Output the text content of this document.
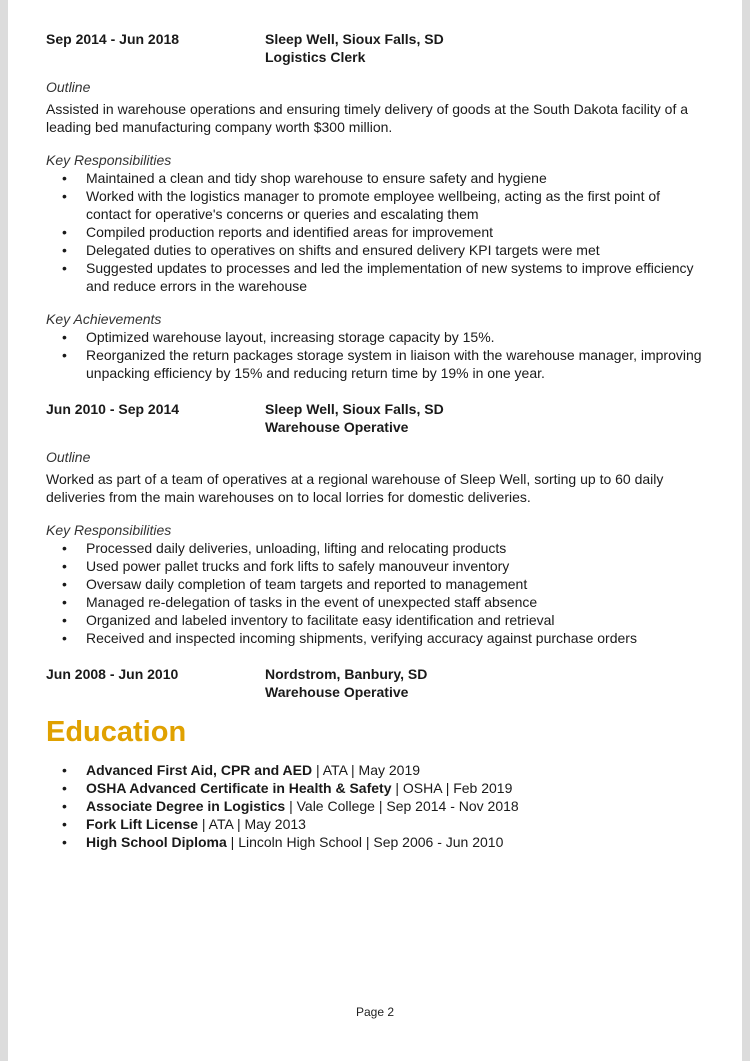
Sep 2014 - Jun 2018	Sleep Well, Sioux Falls, SD
Logistics Clerk
Outline

Assisted in warehouse operations and ensuring timely delivery of goods at the South Dakota facility of a leading bed manufacturing company worth $300 million.

Key Responsibilities
• Maintained a clean and tidy shop warehouse to ensure safety and hygiene
• Worked with the logistics manager to promote employee wellbeing, acting as the first point of contact for operative's concerns or queries and escalating them
• Compiled production reports and identified areas for improvement
• Delegated duties to operatives on shifts and ensured delivery KPI targets were met
• Suggested updates to processes and led the implementation of new systems to improve efficiency and reduce errors in the warehouse
Key Achievements
• Optimized warehouse layout, increasing storage capacity by 15%.
• Reorganized the return packages storage system in liaison with the warehouse manager, improving unpacking efficiency by 15% and reducing return time by 19% in one year.
Jun 2010 - Sep 2014	Sleep Well, Sioux Falls, SD
Warehouse Operative
Outline

Worked as part of a team of operatives at a regional warehouse of Sleep Well, sorting up to 60 daily deliveries from the main warehouses on to local lorries for domestic deliveries.

Key Responsibilities
• Processed daily deliveries, unloading, lifting and relocating products
• Used power pallet trucks and fork lifts to safely manouveur inventory
• Oversaw daily completion of team targets and reported to management
• Managed re-delegation of tasks in the event of unexpected staff absence
• Organized and labeled inventory to facilitate easy identification and retrieval
• Received and inspected incoming shipments, verifying accuracy against purchase orders
Jun 2008 - Jun 2010	Nordstrom, Banbury, SD
Warehouse Operative
Education
• Advanced First Aid, CPR and AED | ATA | May 2019
• OSHA Advanced Certificate in Health & Safety | OSHA | Feb 2019
• Associate Degree in Logistics | Vale College | Sep 2014 - Nov 2018
• Fork Lift License | ATA | May 2013
• High School Diploma | Lincoln High School | Sep 2006 - Jun 2010
Page 2
